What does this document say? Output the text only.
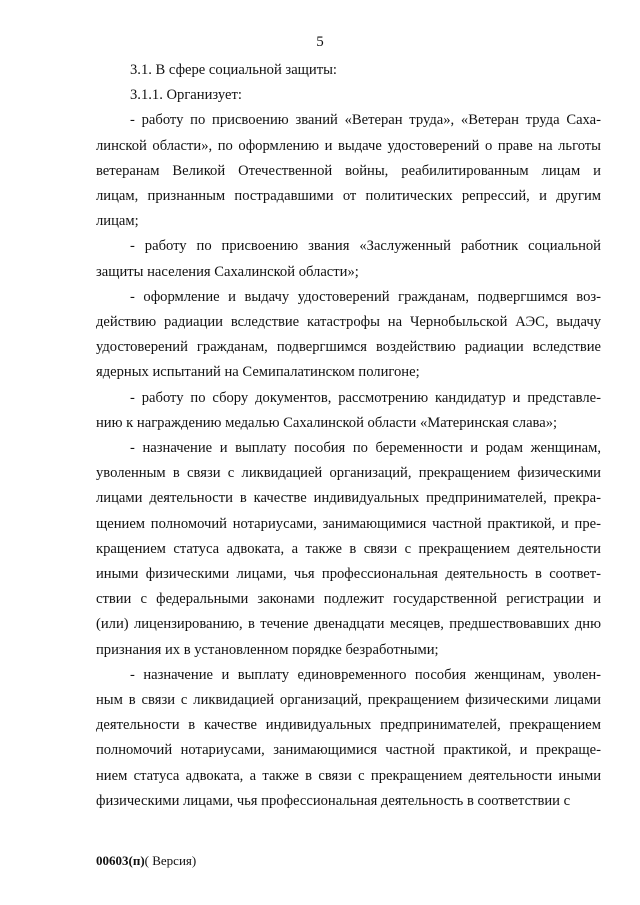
5
3.1. В сфере социальной защиты:
3.1.1. Организует:
- работу по присвоению званий «Ветеран труда», «Ветеран труда Саха-
линской области», по оформлению и выдаче удостоверений о праве на льготы
ветеранам Великой Отечественной войны, реабилитированным лицам и
лицам, признанным пострадавшими от политических репрессий, и другим
лицам;
- работу по присвоению звания «Заслуженный работник социальной
защиты населения Сахалинской области»;
- оформление и выдачу удостоверений гражданам, подвергшимся воз-
действию радиации вследствие катастрофы на Чернобыльской АЭС, выдачу
удостоверений гражданам, подвергшимся воздействию радиации вследствие
ядерных испытаний на Семипалатинском полигоне;
- работу по сбору документов, рассмотрению кандидатур и представле-
нию к награждению медалью Сахалинской области «Материнская слава»;
- назначение и выплату пособия по беременности и родам женщинам,
уволенным в связи с ликвидацией организаций, прекращением физическими
лицами деятельности в качестве индивидуальных предпринимателей, прекра-
щением полномочий нотариусами, занимающимися частной практикой, и пре-
кращением статуса адвоката, а также в связи с прекращением деятельности
иными физическими лицами, чья профессиональная деятельность в соответ-
ствии с федеральными законами подлежит государственной регистрации и
(или) лицензированию, в течение двенадцати месяцев, предшествовавших дню
признания их в установленном порядке безработными;
- назначение и выплату единовременного пособия женщинам, уволен-
ным в связи с ликвидацией организаций, прекращением физическими лицами
деятельности в качестве индивидуальных предпринимателей, прекращением
полномочий нотариусами, занимающимися частной практикой, и прекраще-
нием статуса адвоката, а также в связи с прекращением деятельности иными
физическими лицами, чья профессиональная деятельность в соответствии с
00603(п)( Версия)
